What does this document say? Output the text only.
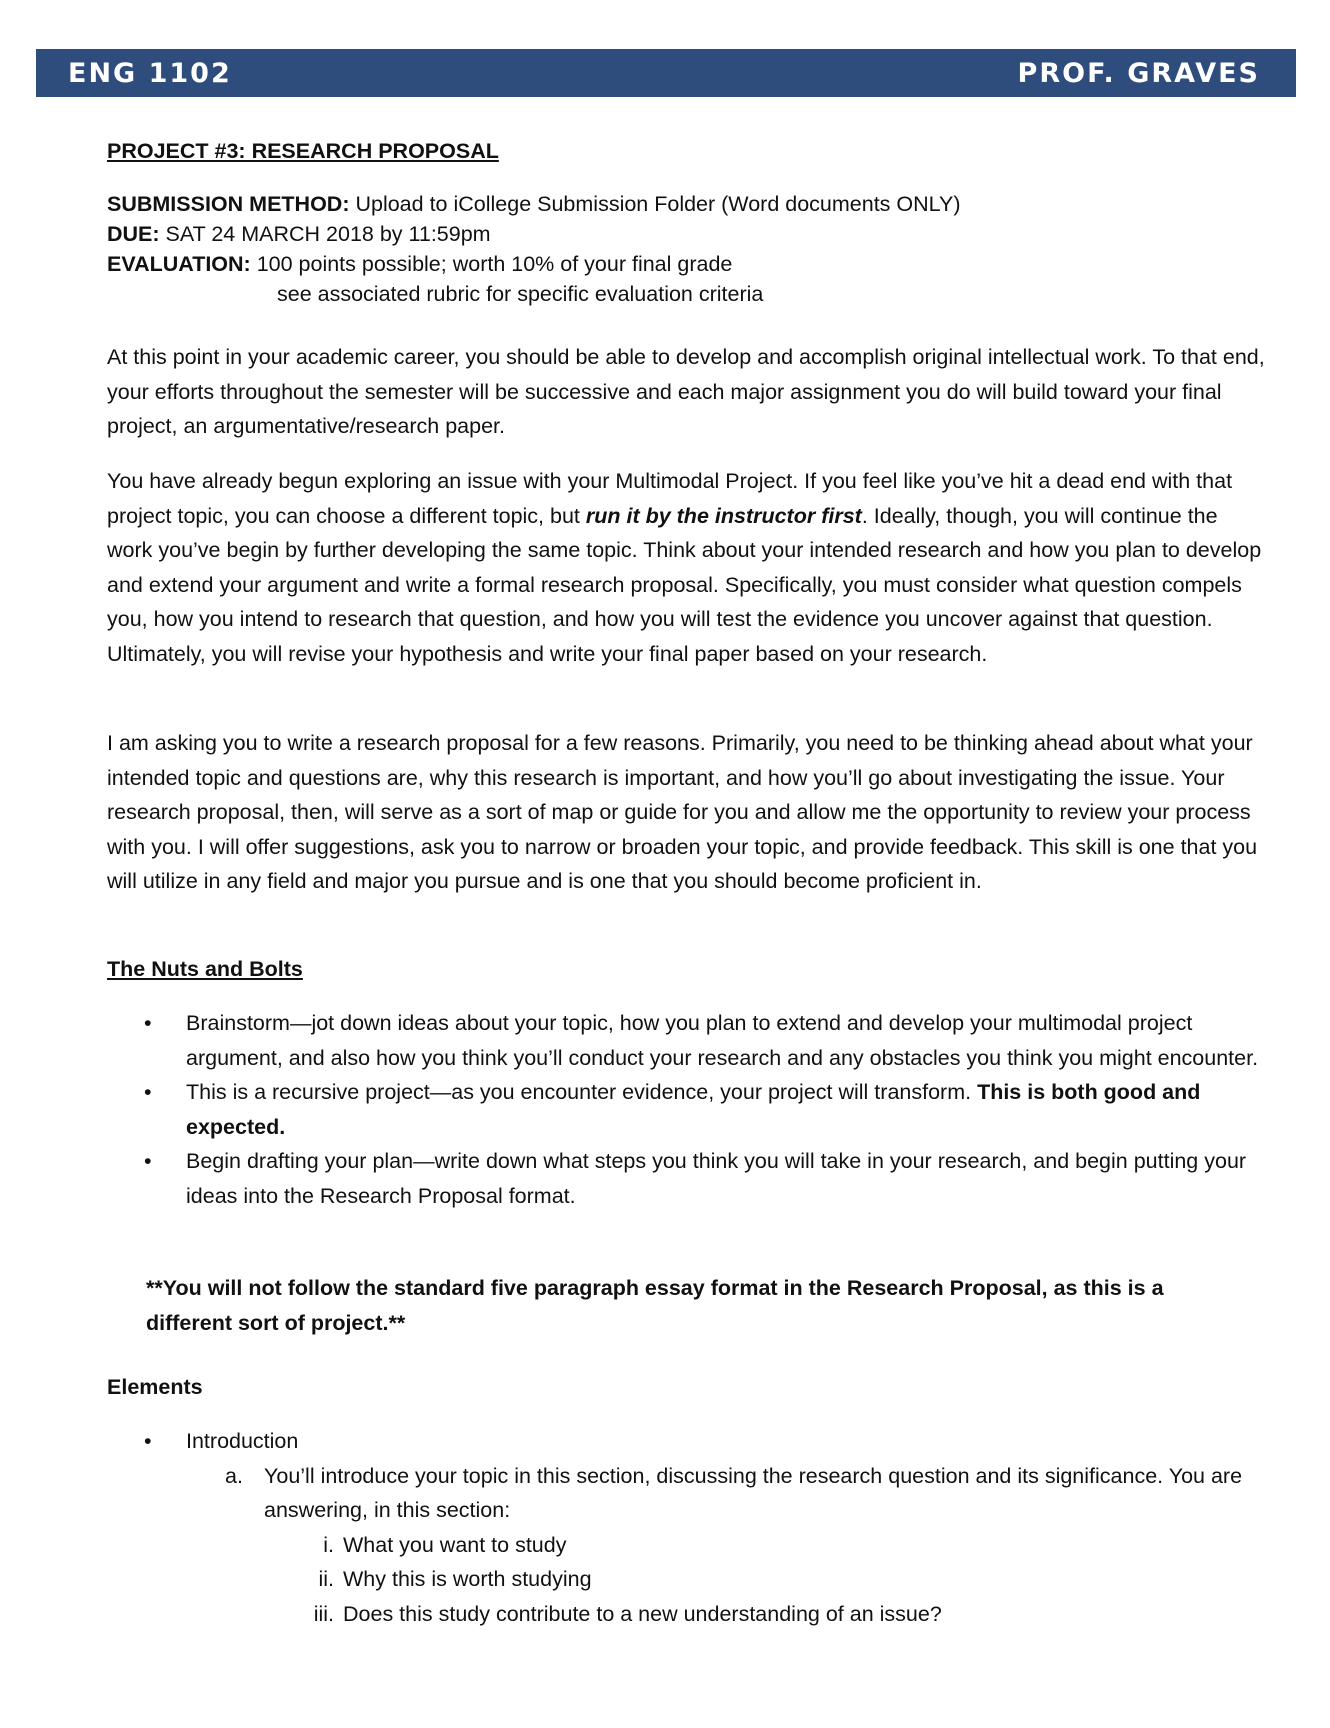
ENG 1102	PROF. GRAVES
PROJECT #3: RESEARCH PROPOSAL
SUBMISSION METHOD: Upload to iCollege Submission Folder (Word documents ONLY)
DUE: SAT 24 MARCH 2018 by 11:59pm
EVALUATION: 100 points possible; worth 10% of your final grade
see associated rubric for specific evaluation criteria

At this point in your academic career, you should be able to develop and accomplish original intellectual work. To that end, your efforts throughout the semester will be successive and each major assignment you do will build toward your final project, an argumentative/research paper.

You have already begun exploring an issue with your Multimodal Project. If you feel like you’ve hit a dead end with that project topic, you can choose a different topic, but run it by the instructor first. Ideally, though, you will continue the work you’ve begin by further developing the same topic. Think about your intended research and how you plan to develop and extend your argument and write a formal research proposal. Specifically, you must consider what question compels you, how you intend to research that question, and how you will test the evidence you uncover against that question. Ultimately, you will revise your hypothesis and write your final paper based on your research.

I am asking you to write a research proposal for a few reasons. Primarily, you need to be thinking ahead about what your intended topic and questions are, why this research is important, and how you’ll go about investigating the issue. Your research proposal, then, will serve as a sort of map or guide for you and allow me the opportunity to review your process with you. I will offer suggestions, ask you to narrow or broaden your topic, and provide feedback. This skill is one that you will utilize in any field and major you pursue and is one that you should become proficient in.

The Nuts and Bolts
• Brainstorm—jot down ideas about your topic, how you plan to extend and develop your multimodal project argument, and also how you think you’ll conduct your research and any obstacles you think you might encounter.
• This is a recursive project—as you encounter evidence, your project will transform. This is both good and expected.
• Begin drafting your plan—write down what steps you think you will take in your research, and begin putting your ideas into the Research Proposal format.
**You will not follow the standard five paragraph essay format in the Research Proposal, as this is a different sort of project.**
Elements
• Introduction
a. You’ll introduce your topic in this section, discussing the research question and its significance. You are answering, in this section:
i. What you want to study
ii. Why this is worth studying
iii. Does this study contribute to a new understanding of an issue?
